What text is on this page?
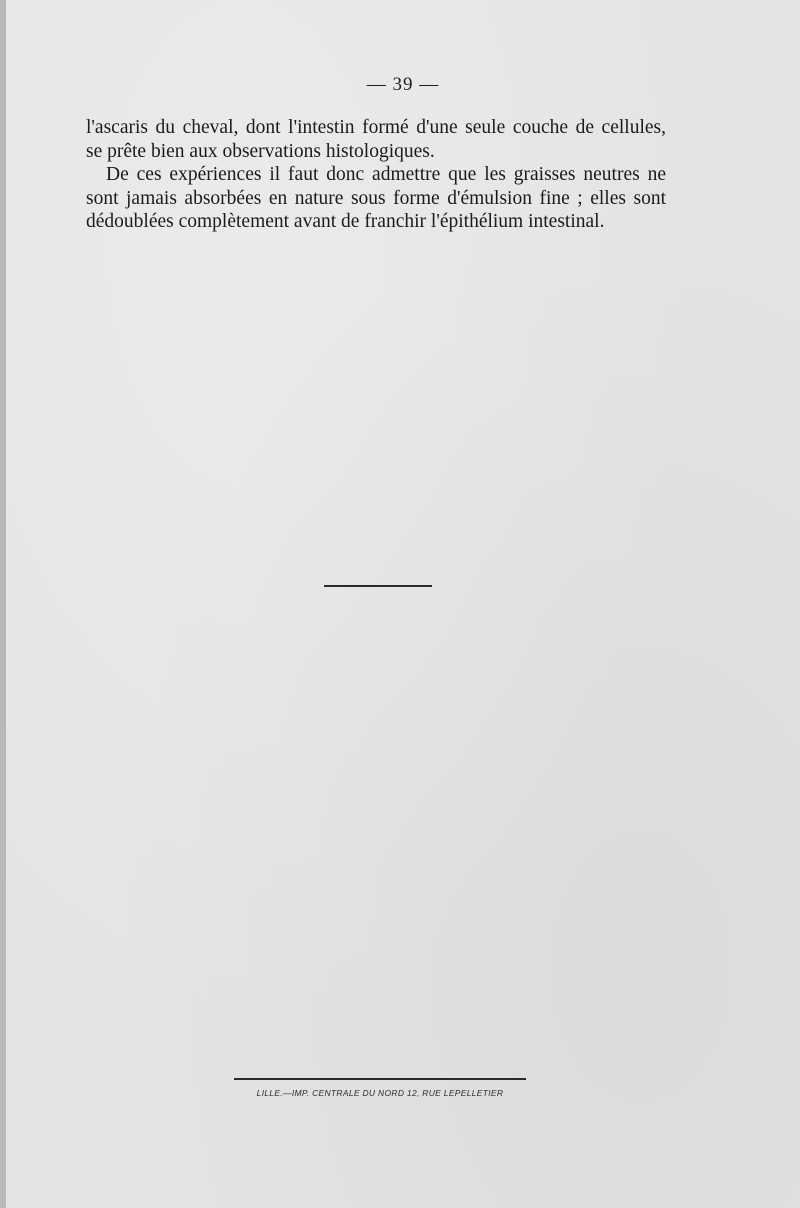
— 39 —
l'ascaris du cheval, dont l'intestin formé d'une seule couche de cellules,
se prête bien aux observations histologiques.
De ces expériences il faut donc admettre que les graisses neutres ne
sont jamais absorbées en nature sous forme d'émulsion fine ; elles sont
dédoublées complètement avant de franchir l'épithélium intestinal.
LILLE.—IMP. CENTRALE DU NORD 12, RUE LEPELLETIER
